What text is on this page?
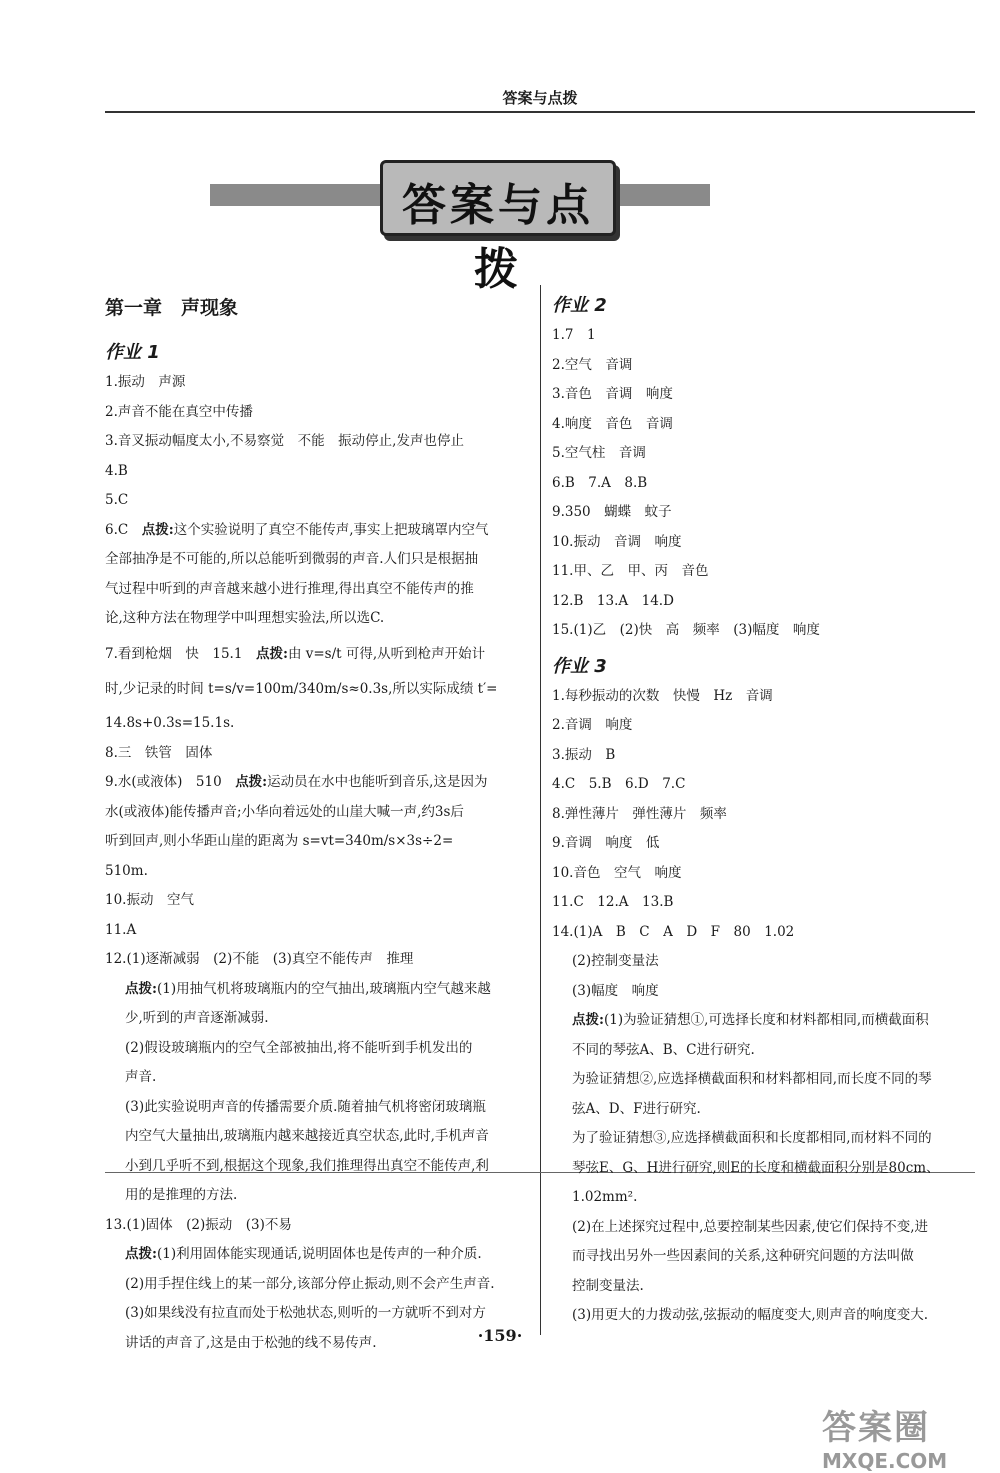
答案与点拨
答案与点拨
第一章　声现象
作业 1
1.振动　声源
2.声音不能在真空中传播
3.音叉振动幅度太小,不易察觉　不能　振动停止,发声也停止
4.B
5.C
6.C　点拨:这个实验说明了真空不能传声,事实上把玻璃罩内空气
全部抽净是不可能的,所以总能听到微弱的声音.人们只是根据抽
气过程中听到的声音越来越小进行推理,得出真空不能传声的推
论,这种方法在物理学中叫理想实验法,所以选C.
7.看到枪烟　快　15.1　点拨:由 v=s/t 可得,从听到枪声开始计
时,少记录的时间 t=s/v=100m/340m/s≈0.3s,所以实际成绩 t′=
14.8s+0.3s=15.1s.
8.三　铁管　固体
9.水(或液体)　510　点拨:运动员在水中也能听到音乐,这是因为
水(或液体)能传播声音;小华向着远处的山崖大喊一声,约3s后
听到回声,则小华距山崖的距离为 s=vt=340m/s×3s÷2=
510m.
10.振动　空气
11.A
12.(1)逐渐减弱　(2)不能　(3)真空不能传声　推理
点拨:(1)用抽气机将玻璃瓶内的空气抽出,玻璃瓶内空气越来越
少,听到的声音逐渐减弱.
(2)假设玻璃瓶内的空气全部被抽出,将不能听到手机发出的
声音.
(3)此实验说明声音的传播需要介质.随着抽气机将密闭玻璃瓶
内空气大量抽出,玻璃瓶内越来越接近真空状态,此时,手机声音
小到几乎听不到,根据这个现象,我们推理得出真空不能传声,利
用的是推理的方法.
13.(1)固体　(2)振动　(3)不易
点拨:(1)利用固体能实现通话,说明固体也是传声的一种介质.
(2)用手捏住线上的某一部分,该部分停止振动,则不会产生声音.
(3)如果线没有拉直而处于松弛状态,则听的一方就听不到对方
讲话的声音了,这是由于松弛的线不易传声.
作业 2
1.7　1
2.空气　音调
3.音色　音调　响度
4.响度　音色　音调
5.空气柱　音调
6.B　7.A　8.B
9.350　蝴蝶　蚊子
10.振动　音调　响度
11.甲、乙　甲、丙　音色
12.B　13.A　14.D
15.(1)乙　(2)快　高　频率　(3)幅度　响度
作业 3
1.每秒振动的次数　快慢　Hz　音调
2.音调　响度
3.振动　B
4.C　5.B　6.D　7.C
8.弹性薄片　弹性薄片　频率
9.音调　响度　低
10.音色　空气　响度
11.C　12.A　13.B
14.(1)A　B　C　A　D　F　80　1.02
(2)控制变量法
(3)幅度　响度
点拨:(1)为验证猜想①,可选择长度和材料都相同,而横截面积
不同的琴弦A、B、C进行研究.
为验证猜想②,应选择横截面积和材料都相同,而长度不同的琴
弦A、D、F进行研究.
为了验证猜想③,应选择横截面积和长度都相同,而材料不同的
琴弦E、G、H进行研究,则E的长度和横截面积分别是80cm、
1.02mm².
(2)在上述探究过程中,总要控制某些因素,使它们保持不变,进
而寻找出另外一些因素间的关系,这种研究问题的方法叫做
控制变量法.
(3)用更大的力拨动弦,弦振动的幅度变大,则声音的响度变大.
·159·
答案圈
MXQE.COM
